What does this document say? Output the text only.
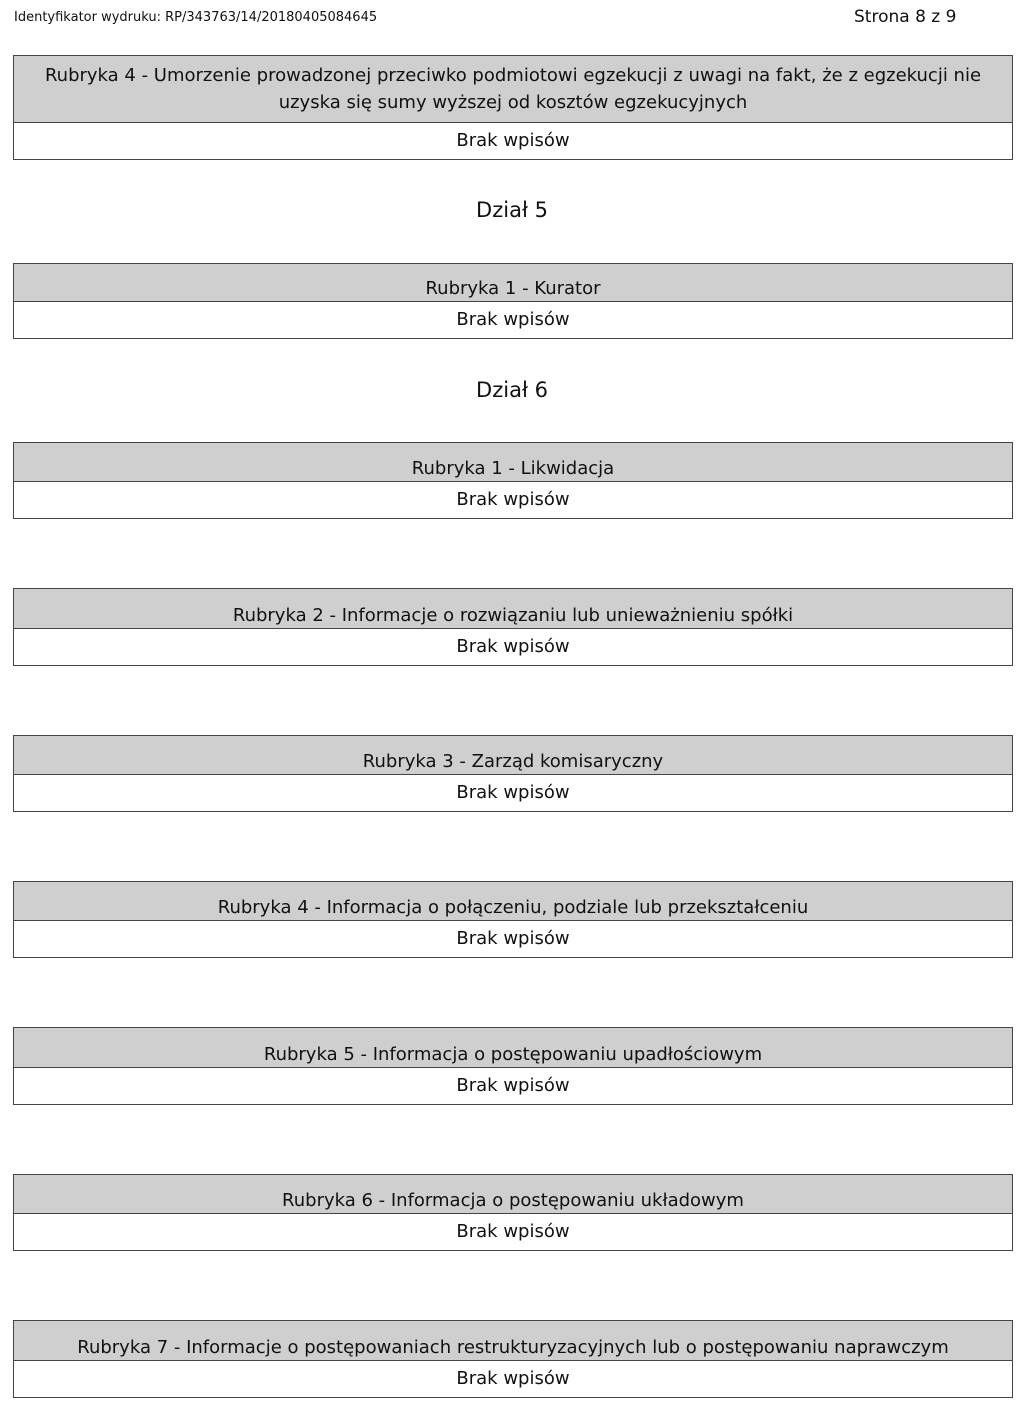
Identyfikator wydruku: RP/343763/14/20180405084645	Strona 8 z 9
Rubryka 4 - Umorzenie prowadzonej przeciwko podmiotowi egzekucji z uwagi na fakt, że z egzekucji nie uzyska się sumy wyższej od kosztów egzekucyjnych
Brak wpisów
Dział 5
Rubryka 1 - Kurator
Brak wpisów
Dział 6
Rubryka 1 - Likwidacja
Brak wpisów
Rubryka 2 - Informacje o rozwiązaniu lub unieważnieniu spółki
Brak wpisów
Rubryka 3 - Zarząd komisaryczny
Brak wpisów
Rubryka 4 - Informacja o połączeniu, podziale lub przekształceniu
Brak wpisów
Rubryka 5 - Informacja o postępowaniu upadłościowym
Brak wpisów
Rubryka 6 - Informacja o postępowaniu układowym
Brak wpisów
Rubryka 7 - Informacje o postępowaniach restrukturyzacyjnych lub o postępowaniu naprawczym
Brak wpisów
